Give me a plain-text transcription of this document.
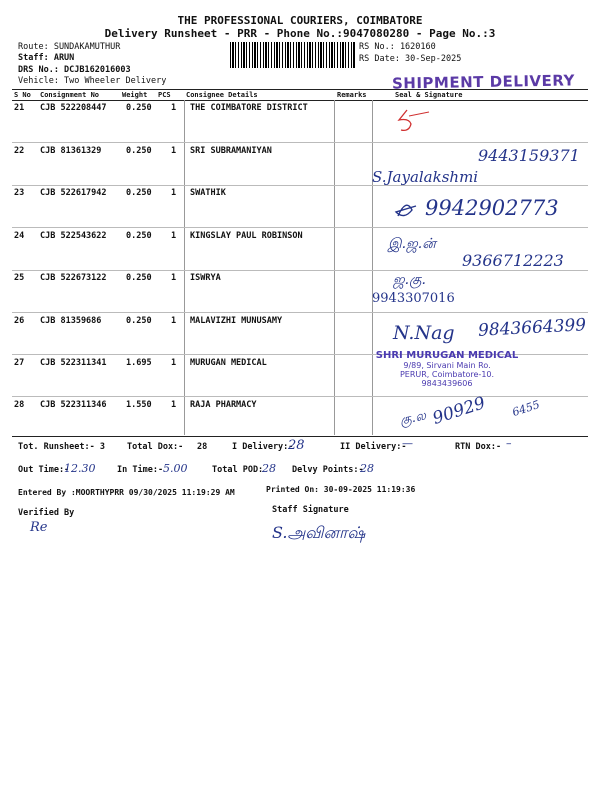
THE PROFESSIONAL COURIERS, COIMBATORE
Delivery Runsheet - PRR - Phone No.:9047080280 - Page No.:3
Route: SUNDAKAMUTHUR
Staff: ARUN
DRS No.: DCJB162016003
Vehicle: Two Wheeler Delivery
RS No.: 1620160
RS Date: 30-Sep-2025
SHIPMENT DELIVERY
S No Consignment No	Weight PCS Consignee Details	Remarks	Seal & Signature
21 CJB 522208447 0.250 1 THE COIMBATORE DISTRICT
22 CJB 81361329	0.250 1 SRI SUBRAMANIYAN
23 CJB 522617942 0.250 1 SWATHIK
24 CJB 522543622 0.250 1 KINGSLAY PAUL ROBINSON
25 CJB 522673122 0.250 1 ISWRYA
26 CJB 81359686	0.250 1 MALAVIZHI MUNUSAMY
27 CJB 522311341 1.695 1 MURUGAN MEDICAL
28 CJB 522311346 1.550 1 RAJA PHARMACY
9443159371
S.Jayalakshmi
9942902773
இ.ஜ.ன்
9366712223
ஜ.கு.
9943307016
N.Nag 9843664399
SHRI MURUGAN MEDICAL
9/89, Sirvani Main Ro.
PERUR, Coimbatore-10.
9843439606
கு.ல 90929 6455
Tot. Runsheet:- 3	Total Dox:- 28	I Delivery:-
28	II Delivery:-
—	RTN Dox:- –
Out Time:-
12.30	In Time:- 5.00	Total POD:
28 Delvy Points:-
28
Entered By :MOORTHYPRR 09/30/2025 11:19:29 AM	Printed On: 30-09-2025 11:19:36
Verified By	Staff Signature
Re	S.அவினாஷ்
